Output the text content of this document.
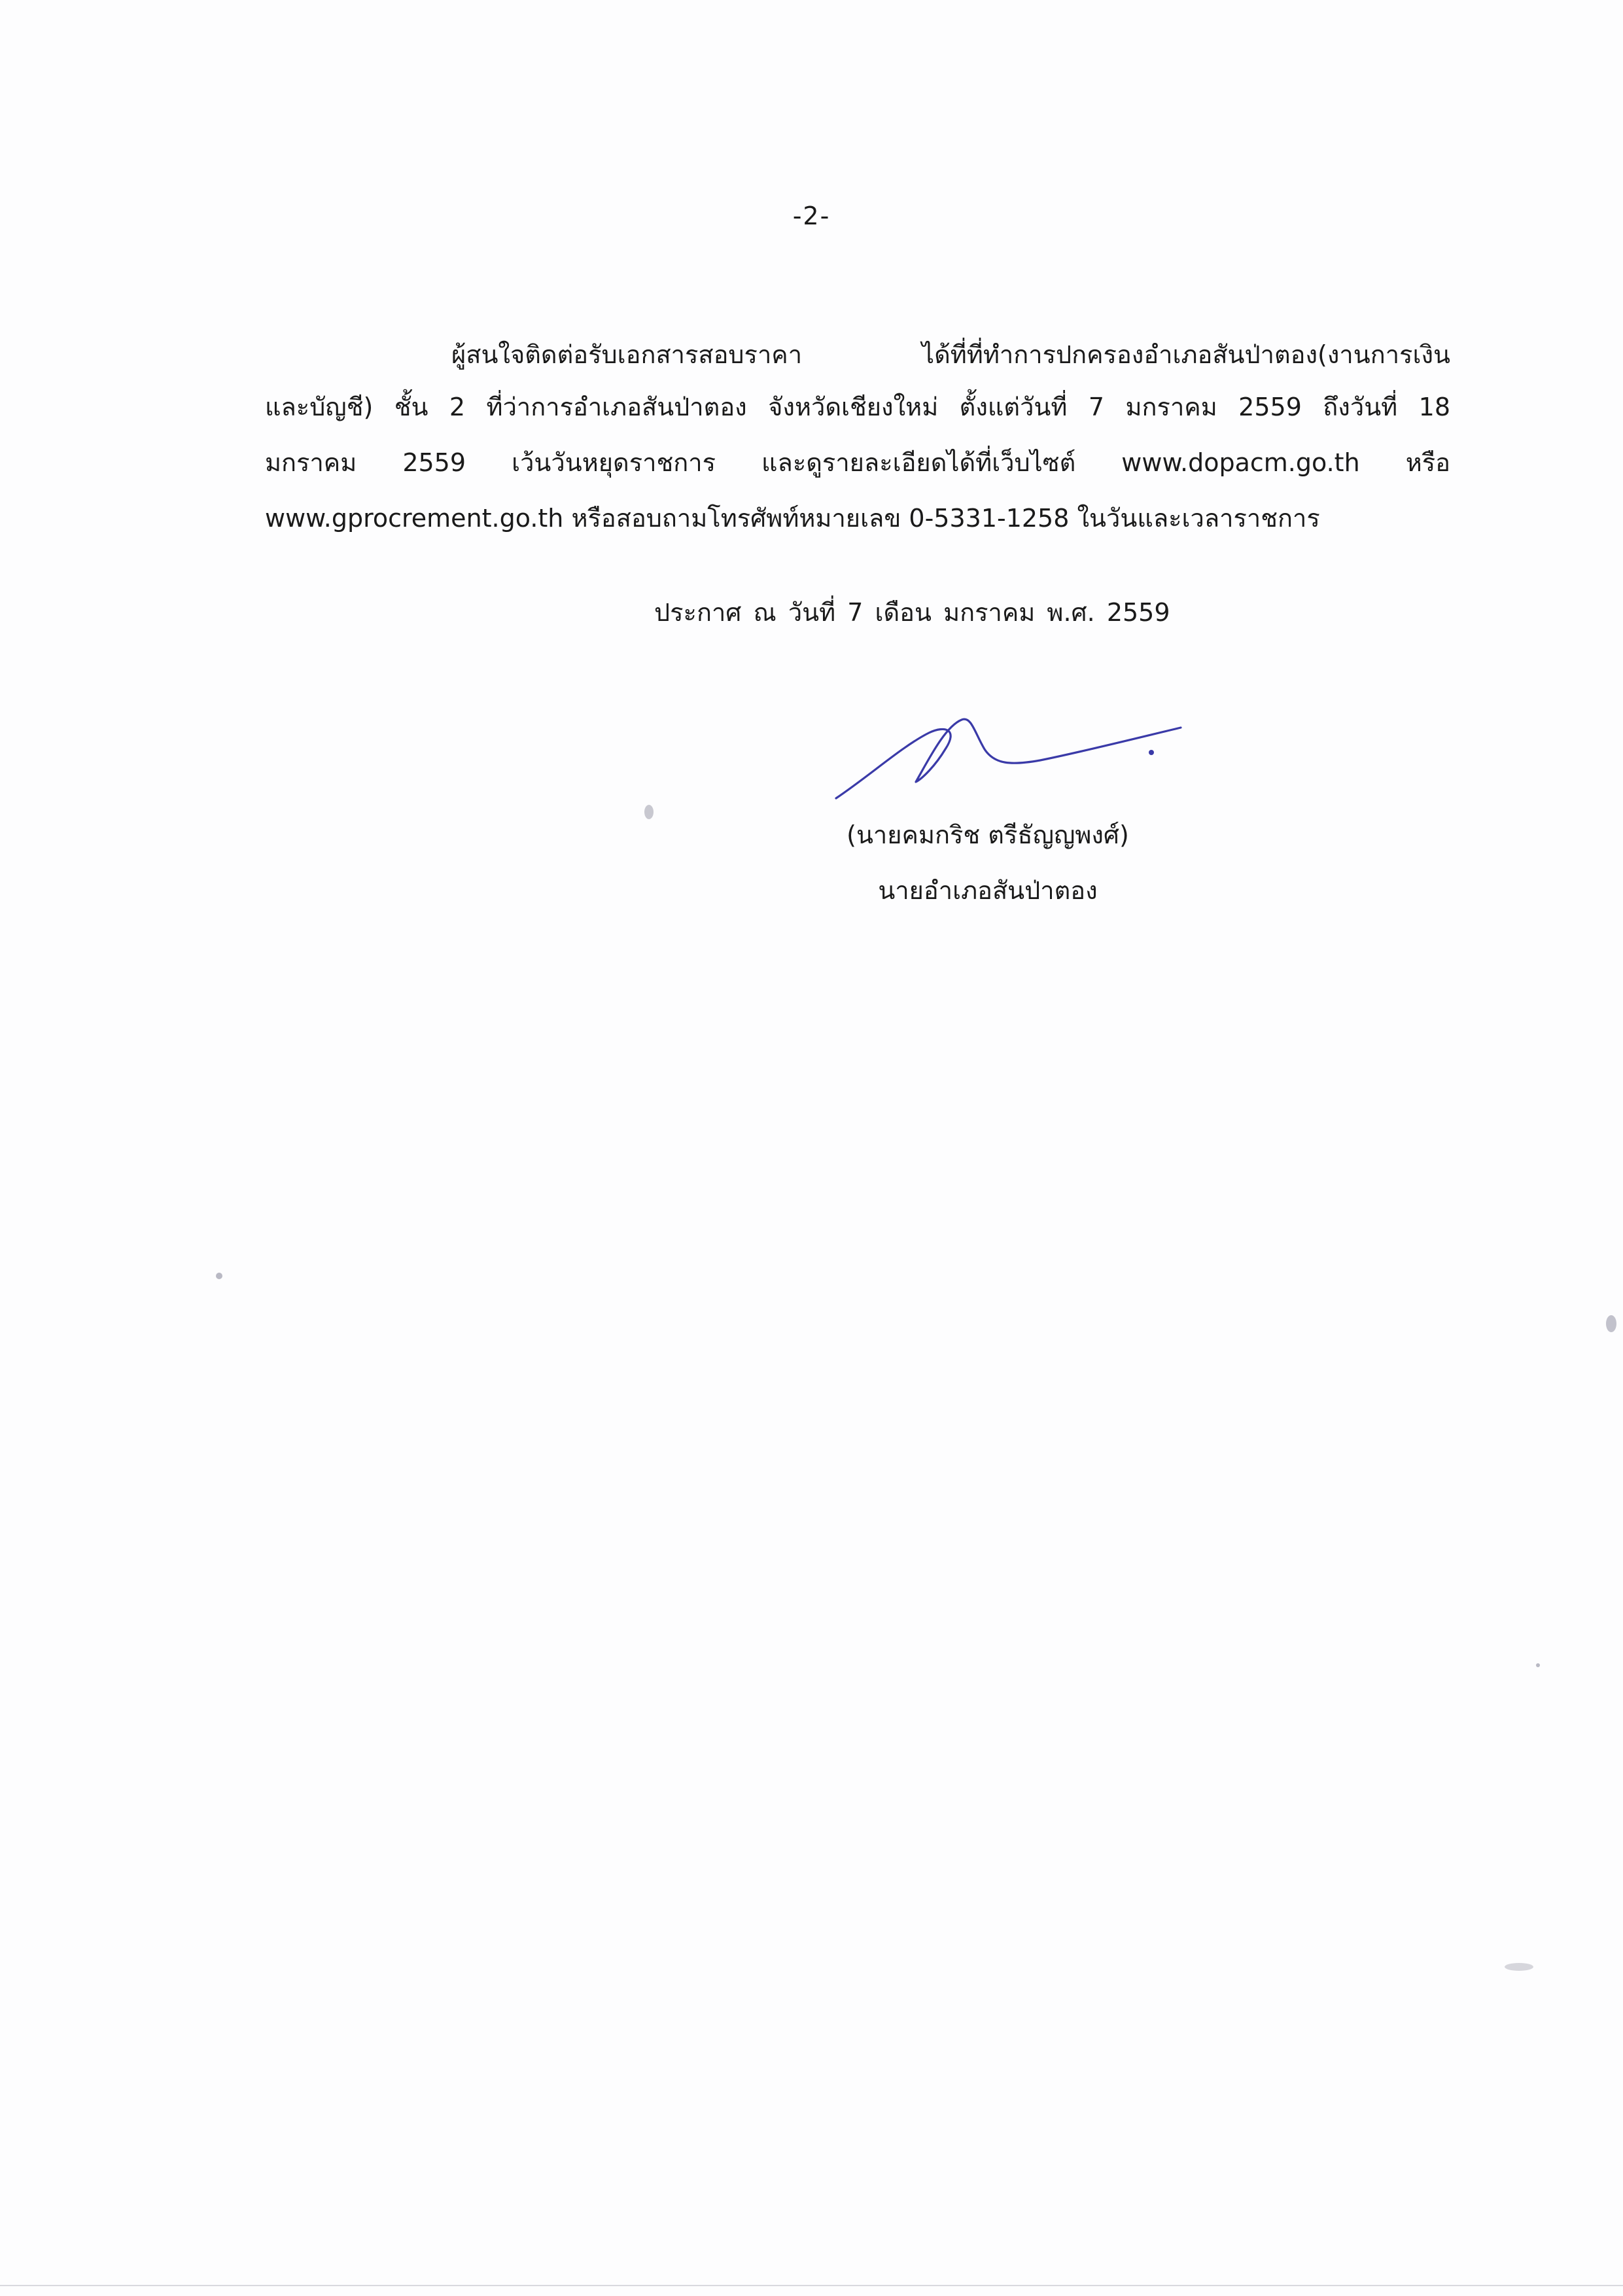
-2-
ผู้สนใจติดต่อรับเอกสารสอบราคา ได้ที่ที่ทำการปกครองอำเภอสันป่าตอง(งานการเงิน
และบัญชี) ชั้น 2 ที่ว่าการอำเภอสันป่าตอง จังหวัดเชียงใหม่ ตั้งแต่วันที่ 7 มกราคม 2559 ถึงวันที่ 18
มกราคม 2559 เว้นวันหยุดราชการ และดูรายละเอียดได้ที่เว็บไซต์ www.dopacm.go.th หรือ
www.gprocrement.go.th หรือสอบถามโทรศัพท์หมายเลข 0-5331-1258 ในวันและเวลาราชการ
ประกาศ ณ วันที่ 7 เดือน มกราคม พ.ศ. 2559
(นายคมกริช ตรีธัญญพงศ์)
นายอำเภอสันป่าตอง
